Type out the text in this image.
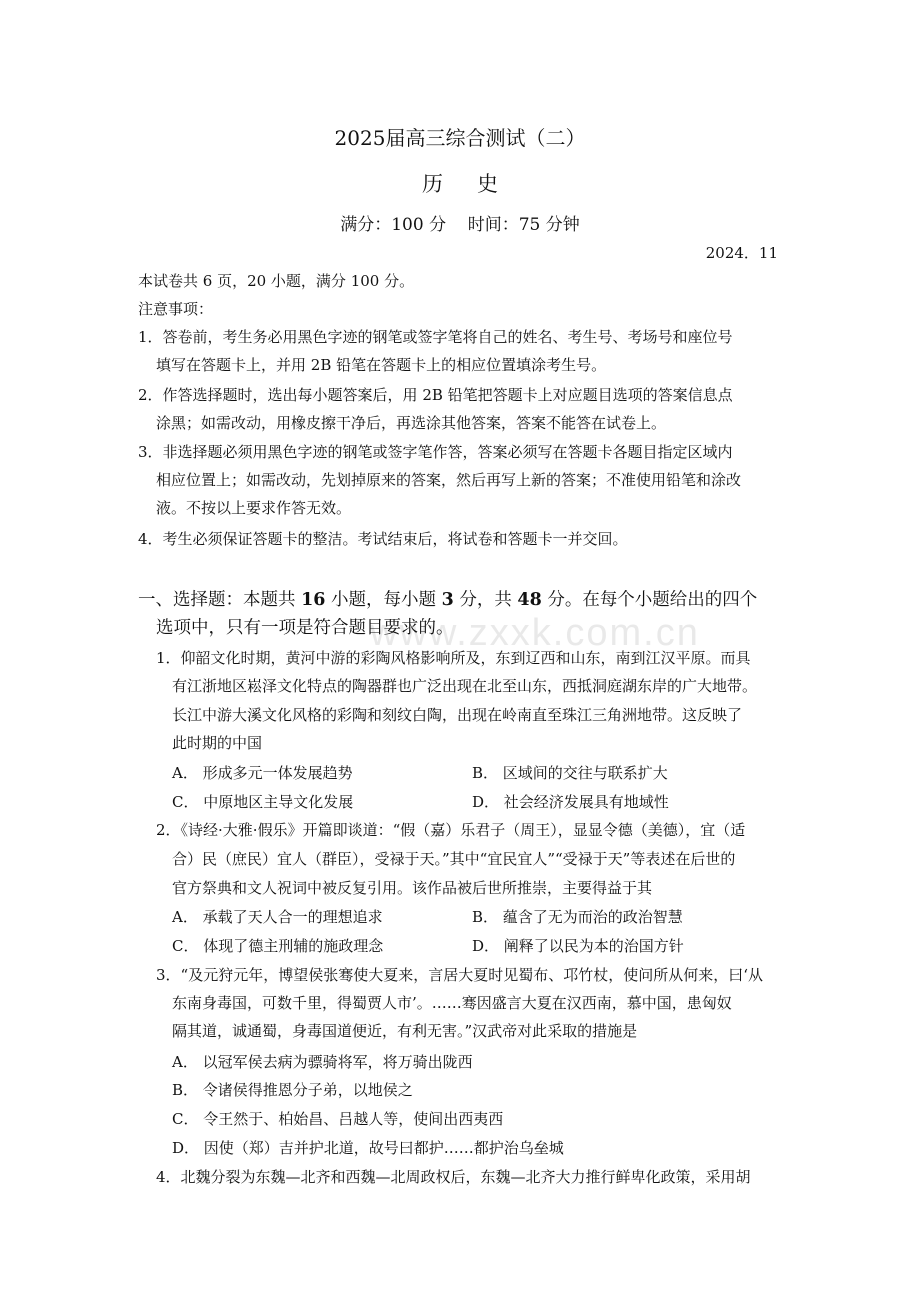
2025届高三综合测试（二）
历史
满分：100 分    时间：75 分钟
2024．11
本试卷共 6 页，20 小题，满分 100 分。
注意事项：
1．答卷前，考生务必用黑色字迹的钢笔或签字笔将自己的姓名、考生号、考场号和座位号
填写在答题卡上，并用 2B 铅笔在答题卡上的相应位置填涂考生号。
2．作答选择题时，选出每小题答案后，用 2B 铅笔把答题卡上对应题目选项的答案信息点
涂黑；如需改动，用橡皮擦干净后，再选涂其他答案，答案不能答在试卷上。
3．非选择题必须用黑色字迹的钢笔或签字笔作答，答案必须写在答题卡各题目指定区域内
相应位置上；如需改动，先划掉原来的答案，然后再写上新的答案；不准使用铅笔和涂改
液。不按以上要求作答无效。
4．考生必须保证答题卡的整洁。考试结束后，将试卷和答题卡一并交回。
www.zxxk.com.cn
一、选择题：本题共 16 小题，每小题 3 分，共 48 分。在每个小题给出的四个
选项中，只有一项是符合题目要求的。
1．仰韶文化时期，黄河中游的彩陶风格影响所及，东到辽西和山东，南到江汉平原。而具
有江浙地区崧泽文化特点的陶器群也广泛出现在北至山东，西抵洞庭湖东岸的广大地带。
长江中游大溪文化风格的彩陶和刻纹白陶，出现在岭南直至珠江三角洲地带。这反映了
此时期的中国
A． 形成多元一体发展趋势	B． 区域间的交往与联系扩大
C． 中原地区主导文化发展	D． 社会经济发展具有地域性
2．《诗经·大雅·假乐》开篇即谈道：“假（嘉）乐君子（周王），显显令德（美德），宜（适
合）民（庶民）宜人（群臣），受禄于天。”其中“宜民宜人”“受禄于天”等表述在后世的
官方祭典和文人祝词中被反复引用。该作品被后世所推崇，主要得益于其
A． 承载了天人合一的理想追求	B． 蕴含了无为而治的政治智慧
C． 体现了德主刑辅的施政理念	D． 阐释了以民为本的治国方针
3．“及元狩元年，博望侯张骞使大夏来，言居大夏时见蜀布、邛竹杖，使问所从何来，曰‘从
东南身毒国，可数千里，得蜀贾人市’。……骞因盛言大夏在汉西南，慕中国，患匈奴
隔其道，诚通蜀，身毒国道便近，有利无害。”汉武帝对此采取的措施是
A． 以冠军侯去病为骠骑将军，将万骑出陇西
B． 令诸侯得推恩分子弟，以地侯之
C． 令王然于、柏始昌、吕越人等，使间出西夷西
D． 因使（郑）吉并护北道，故号曰都护……都护治乌垒城
4．北魏分裂为东魏—北齐和西魏—北周政权后，东魏—北齐大力推行鲜卑化政策，采用胡
